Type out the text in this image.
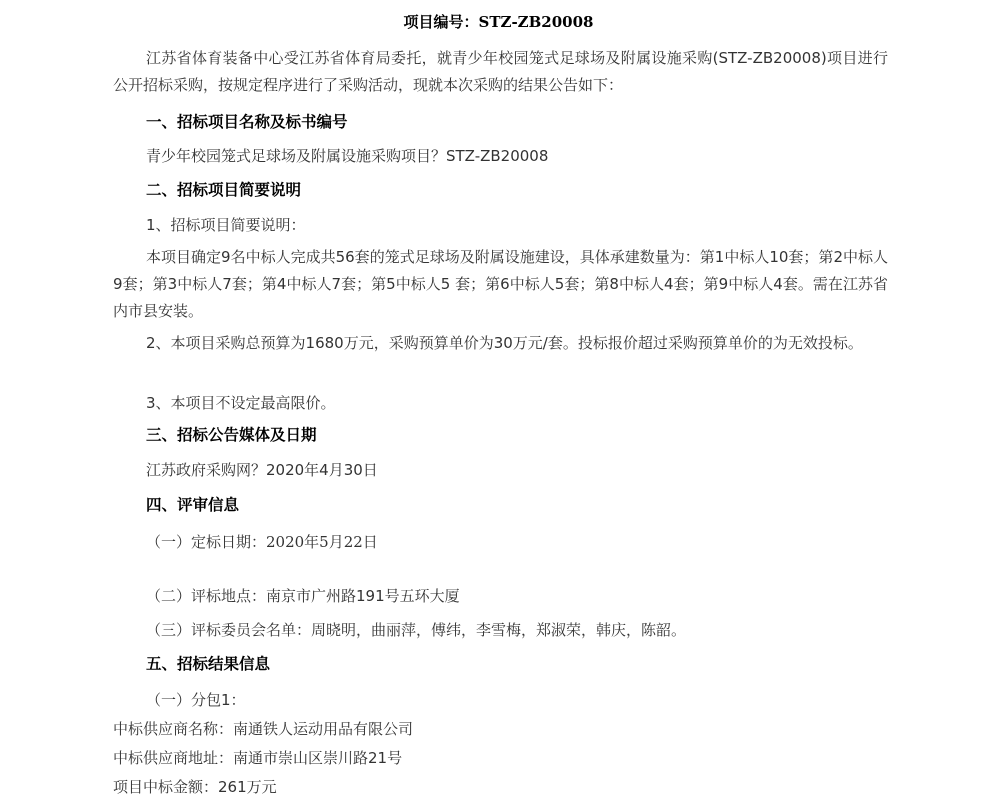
项目编号：STZ-ZB20008
江苏省体育装备中心受江苏省体育局委托，就青少年校园笼式足球场及附属设施采购(STZ-ZB20008)项目进行公开招标采购，按规定程序进行了采购活动，现就本次采购的结果公告如下：
一、招标项目名称及标书编号
青少年校园笼式足球场及附属设施采购项目？STZ-ZB20008
二、招标项目简要说明
1、招标项目简要说明：
本项目确定9名中标人完成共56套的笼式足球场及附属设施建设，具体承建数量为：第1中标人10套；第2中标人9套；第3中标人7套；第4中标人7套；第5中标人5 套；第6中标人5套；第8中标人4套；第9中标人4套。需在江苏省内市县安装。
2、本项目采购总预算为1680万元，采购预算单价为30万元/套。投标报价超过采购预算单价的为无效投标。
3、本项目不设定最高限价。
三、招标公告媒体及日期
江苏政府采购网？2020年4月30日
四、评审信息
（一）定标日期：2020年5月22日
（二）评标地点：南京市广州路191号五环大厦
（三）评标委员会名单：周晓明，曲丽萍，傅纬，李雪梅，郑淑荣，韩庆，陈韶。
五、招标结果信息
（一）分包1：
中标供应商名称：南通铁人运动用品有限公司
中标供应商地址：南通市崇山区崇川路21号
项目中标金额：261万元
